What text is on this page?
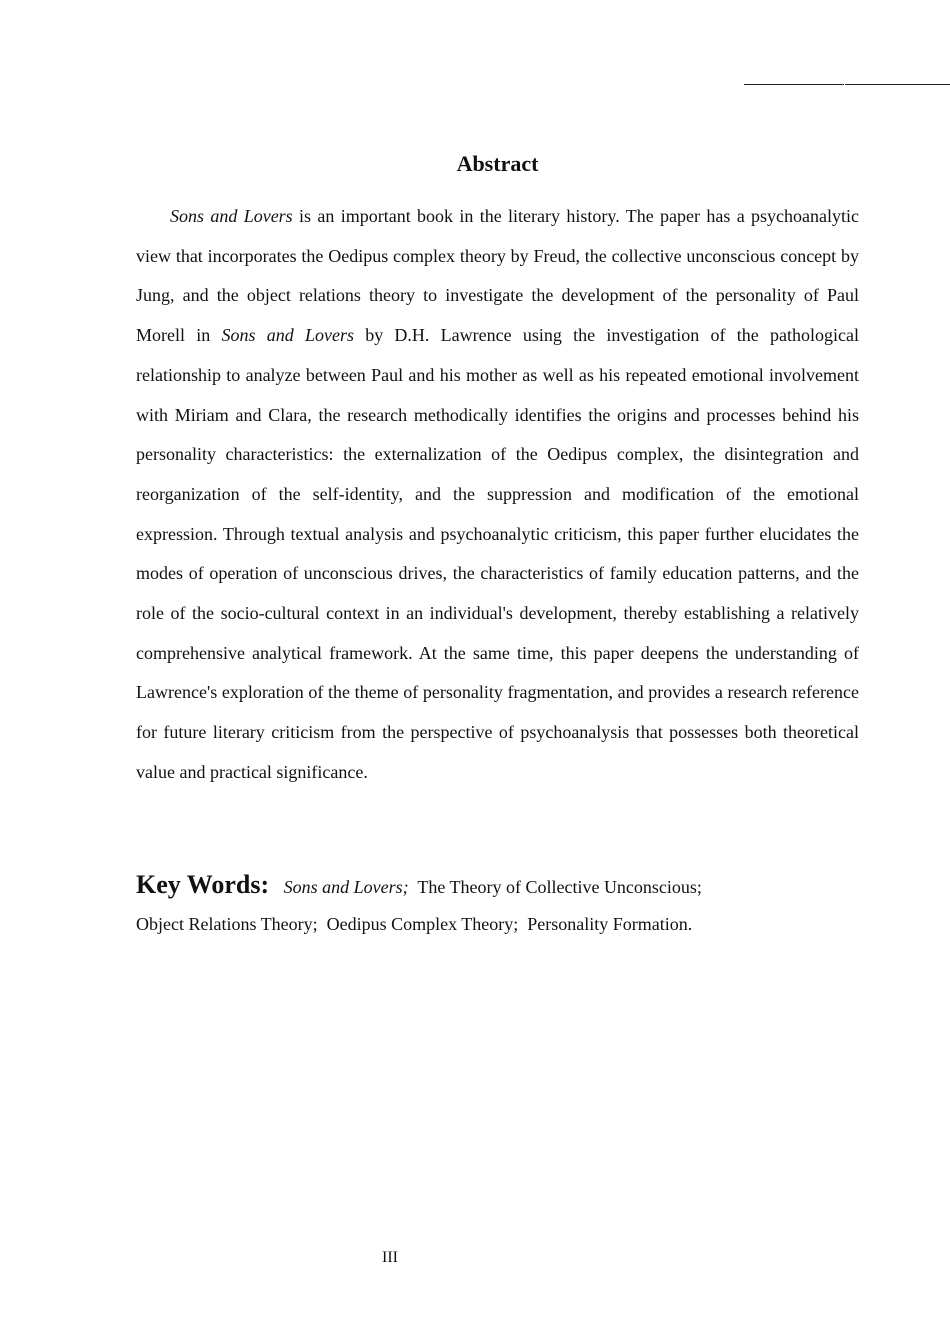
Abstract

Sons and Lovers is an important book in the literary history. The paper has a psychoanalytic view that incorporates the Oedipus complex theory by Freud, the collective unconscious concept by Jung, and the object relations theory to investigate the development of the personality of Paul Morell in Sons and Lovers by D.H. Lawrence using the investigation of the pathological relationship to analyze between Paul and his mother as well as his repeated emotional involvement with Miriam and Clara, the research methodically identifies the origins and processes behind his personality characteristics: the externalization of the Oedipus complex, the disintegration and reorganization of the self-identity, and the suppression and modification of the emotional expression. Through textual analysis and psychoanalytic criticism, this paper further elucidates the modes of operation of unconscious drives, the characteristics of family education patterns, and the role of the socio-cultural context in an individual's development, thereby establishing a relatively comprehensive analytical framework. At the same time, this paper deepens the understanding of Lawrence's exploration of the theme of personality fragmentation, and provides a research reference for future literary criticism from the perspective of psychoanalysis that possesses both theoretical value and practical significance.

Key Words: Sons and Lovers; The Theory of Collective Unconscious;  Object Relations Theory; Oedipus Complex Theory; Personality Formation.

III
